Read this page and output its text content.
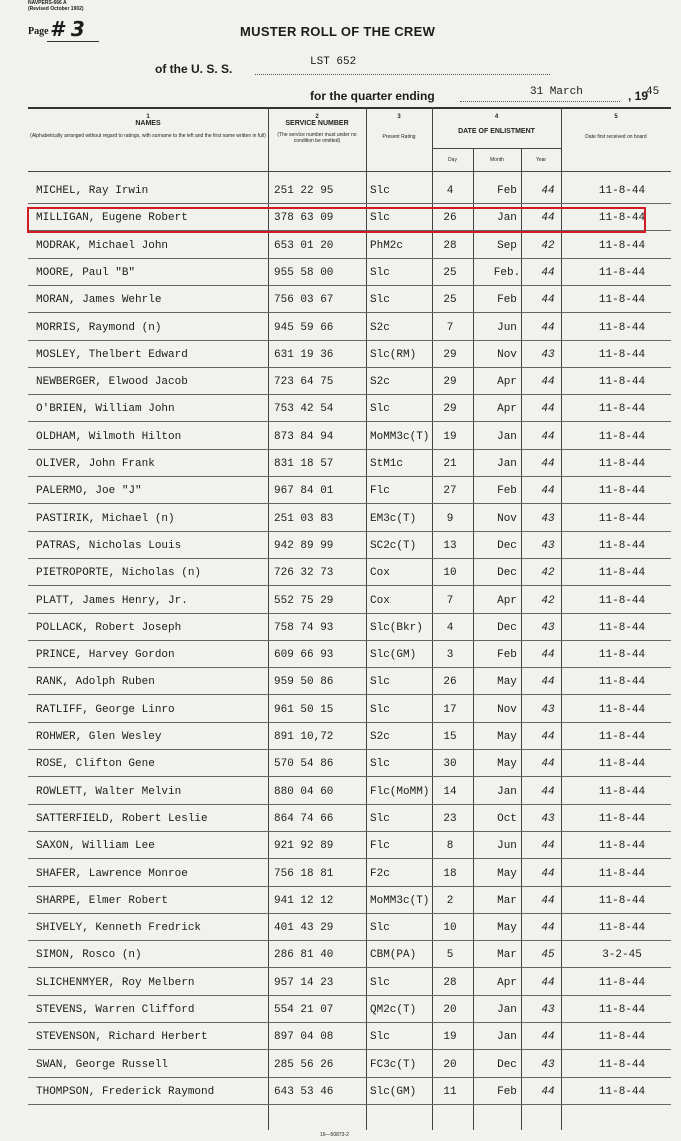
NAVPERS-666 A
(Revised October 1902)
Page # 3	MUSTER ROLL OF THE CREW
of the U. S. S.	LST 652
for the quarter ending	31 March	, 19
45
1
NAMES
(Alphabetically arranged without regard to ratings, with surname to the left and the first name written in full)
2
SERVICE NUMBER
(The service number must under no condition be omitted)
3
Present Rating
4
DATE OF ENLISTMENT
Day	Month	Year
5
Date first received on board
MICHEL, Ray Irwin	251 22 95	Slc	4	Feb	44	11-8-44
MILLIGAN, Eugene Robert	378 63 09	Slc	26	Jan	44	11-8-44
MODRAK, Michael John	653 01 20	PhM2c	28	Sep	42	11-8-44
MOORE, Paul "B"	955 58 00	Slc	25	Feb.	44	11-8-44
MORAN, James Wehrle	756 03 67	Slc	25	Feb	44	11-8-44
MORRIS, Raymond (n)	945 59 66	S2c	7	Jun	44	11-8-44
MOSLEY, Thelbert Edward	631 19 36	Slc(RM)	29	Nov	43	11-8-44
NEWBERGER, Elwood Jacob	723 64 75	S2c	29	Apr	44	11-8-44
O'BRIEN, William John	753 42 54	Slc	29	Apr	44	11-8-44
OLDHAM, Wilmoth Hilton	873 84 94	MoMM3c(T)	19	Jan	44	11-8-44
OLIVER, John Frank	831 18 57	StM1c	21	Jan	44	11-8-44
PALERMO, Joe "J"	967 84 01	Flc	27	Feb	44	11-8-44
PASTIRIK, Michael (n)	251 03 83	EM3c(T)	9	Nov	43	11-8-44
PATRAS, Nicholas Louis	942 89 99	SC2c(T)	13	Dec	43	11-8-44
PIETROPORTE, Nicholas (n)	726 32 73	Cox	10	Dec	42	11-8-44
PLATT, James Henry, Jr.	552 75 29	Cox	7	Apr	42	11-8-44
POLLACK, Robert Joseph	758 74 93	Slc(Bkr)	4	Dec	43	11-8-44
PRINCE, Harvey Gordon	609 66 93	Slc(GM)	3	Feb	44	11-8-44
RANK, Adolph Ruben	959 50 86	Slc	26	May	44	11-8-44
RATLIFF, George Linro	961 50 15	Slc	17	Nov	43	11-8-44
ROHWER, Glen Wesley	891 10,72	S2c	15	May	44	11-8-44
ROSE, Clifton Gene	570 54 86	Slc	30	May	44	11-8-44
ROWLETT, Walter Melvin	880 04 60	Flc(MoMM)	14	Jan	44	11-8-44
SATTERFIELD, Robert Leslie	864 74 66	Slc	23	Oct	43	11-8-44
SAXON, William Lee	921 92 89	Flc	8	Jun	44	11-8-44
SHAFER, Lawrence Monroe	756 18 81	F2c	18	May	44	11-8-44
SHARPE, Elmer Robert	941 12 12	MoMM3c(T)	2	Mar	44	11-8-44
SHIVELY, Kenneth Fredrick	401 43 29	Slc	10	May	44	11-8-44
SIMON, Rosco (n)	286 81 40	CBM(PA)	5	Mar	45	3-2-45
SLICHENMYER, Roy Melbern	957 14 23	Slc	28	Apr	44	11-8-44
STEVENS, Warren Clifford	554 21 07	QM2c(T)	20	Jan	43	11-8-44
STEVENSON, Richard Herbert	897 04 08	Slc	19	Jan	44	11-8-44
SWAN, George Russell	285 56 26	FC3c(T)	20	Dec	43	11-8-44
THOMPSON, Frederick Raymond	643 53 46	Slc(GM)	11	Feb	44	11-8-44
16—50873-2
